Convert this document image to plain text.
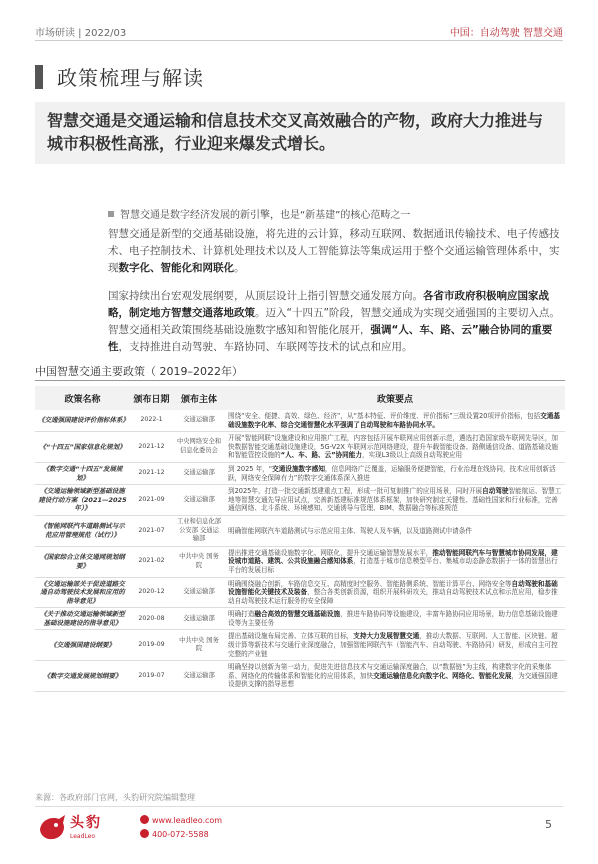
市场研读 | 2022/03	中国：自动驾驶 智慧交通
政策梳理与解读
智慧交通是交通运输和信息技术交叉高效融合的产物，政府大力推进与城市积极性高涨，行业迎来爆发式增长。
智慧交通是数字经济发展的新引擎，也是“新基建”的核心范畴之一
智慧交通是新型的交通基础设施，将先进的云计算，移动互联网、数据通讯传输技术、电子传感技术、电子控制技术、计算机处理技术以及人工智能算法等集成运用于整个交通运输管理体系中，实现数字化、智能化和网联化。
国家持续出台宏观发展纲要，从顶层设计上指引智慧交通发展方向。各省市政府积极响应国家战略，制定地方智慧交通落地政策。迈入“十四五”阶段，智慧交通成为实现交通强国的主要切入点。智慧交通相关政策围绕基础设施数字感知和智能化展开，强调“人、车、路、云”融合协同的重要性，支持推进自动驾驶、车路协同、车联网等技术的试点和应用。
中国智慧交通主要政策（ 2019–2022年）
政策名称	颁布日期	颁布主体	政策要点
《交通强国建设评价指标体系》	2022-1	交通运输部	围绕“安全、便捷、高效、绿色、经济”，从“基本特征、评价维度、评价指标”三级设置20项评价指标，包括交通基础设施数字化率、综合交通智慧化水平强调了自动驾驶和车路协同水平。
《“十四五”国家信息化规划》	2021-12	中央网络安全和信息化委员会	开展“智能网联”设施建设和应用推广工程，内容包括开展车联网应用创新示范，遴选打造国家级车联网先导区，加快数据智能交通基础设施建设，5G-V2X 车联网示范网络建设，提升车载智能设备、路侧通信设备、道路基础设施和智能管控设施的“人、车、路、云”协同能力，实现L3级以上高级自动驾驶应用
《数字交通“十四五”发展规划》	2021-12	交通运输部	到 2025 年，“交通设施数字感知，信息网络广泛覆盖，运输服务便捷智能，行业治理在线协同，技术应用创新活跃，网络安全保障有力”的数字交通体系深入推进
《交通运输领域新型基础设施建设行动方案（2021—2025年）》	2021-09	交通运输部	到2025年，打造一批交通新基建重点工程，形成一批可复制推广的应用场景，同时开展自动驾驶智能航运、智慧工地等智慧交通先导应用试点，完善新基建标准规范体系框架，加快研究制定关键性、基础性国家和行业标准，完善通信网络、北斗系统、环境感知、交通诱导与管理、BIM、数据融合等标准规范
《智能网联汽车道路测试与示范应用管理规范（试行）》	2021-07	工业和信息化部 公安部 交通运输部	明确智能网联汽车道路测试与示范应用主体、驾驶人及车辆，以及道路测试申请条件
《国家综合立体交通网规划纲要》	2021-02	中共中央 国务院	提出推进交通基础设施数字化、网联化，提升交通运输智慧发展水平，推动智能网联汽车与智慧城市协同发展，建设城市道路、建筑、公共设施融合感知体系，打造基于城市信息模型平台、集城市动态静态数据于一体的智慧出行平台的发展目标
《交通运输部关于促进道路交通自动驾驶技术发展和应用的指导意见》	2020-12	交通运输部	明确围绕融合创新，车路信息交互、高精度时空服务、智能路侧系统、智能计算平台、网络安全等自动驾驶和基础设施智能化关键技术及装备，整合各类创新资源，组织开展科研攻关，推动自动驾驶技术试点和示范应用，稳步推动自动驾驶技术运行服务的安全保障
《关于推动交通运输领域新型基础设施建设的指导意见》	2020-08	交通运输部	明确打造融合高效的智慧交通基础设施，推进车路协同等设施建设，丰富车路协同应用场景，助力信息基础设施建设等为主要任务
《交通强国建设纲要》	2019-09	中共中央 国务院	提出基础设施布局完善、立体互联的目标，支持大力发展智慧交通，推动大数据、互联网、人工智能、区块链、超级计算等新技术与交通行业深度融合，加强智能网联汽车（智能汽车、自动驾驶、车路协同）研发，形成自主可控完整的产业链
《数字交通发展规划纲要》	2019-07	交通运输部	明确坚持以创新为第一动力，促进先进信息技术与交通运输深度融合，以“数据链”为主线，构建数字化的采集体系、网络化的传输体系和智能化的应用体系，加快交通运输信息化向数字化、网络化、智能化发展，为交通强国建设提供支撑的指导思想
来源：各政府部门官网，头豹研究院编辑整理
头豹
LeadLeo
www.leadleo.com
400-072-5588
5
